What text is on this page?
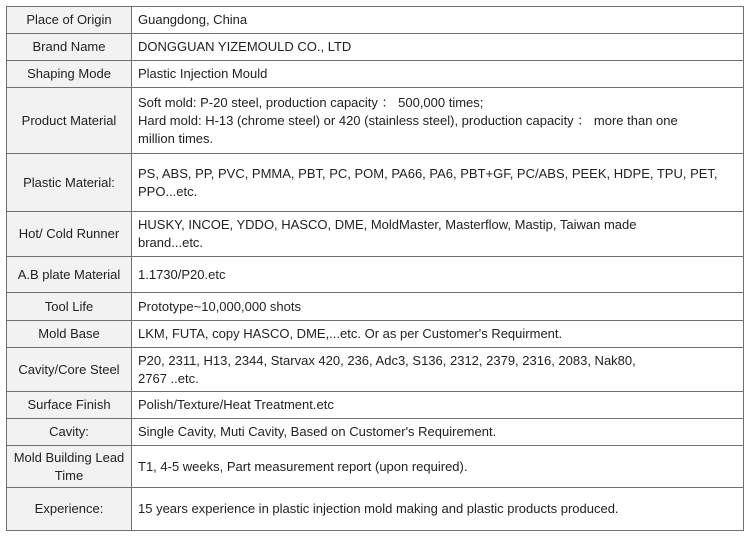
Place of Origin	Guangdong, China

Brand Name	DONGGUAN YIZEMOULD CO., LTD

Shaping Mode	Plastic Injection Mould

Product Material	Soft mold: P-20 steel, production capacity ： 500,000 times;
Hard mold: H-13 (chrome steel) or 420 (stainless steel), production capacity ： more than one
million times.

Plastic Material:	PS, ABS, PP, PVC, PMMA, PBT, PC, POM, PA66, PA6, PBT+GF, PC/ABS, PEEK, HDPE, TPU, PET,
PPO...etc.

Hot/ Cold Runner	HUSKY, INCOE, YDDO, HASCO, DME, MoldMaster, Masterflow, Mastip, Taiwan made
brand...etc.

A.B plate Material	1.1730/P20.etc

Tool Life	Prototype~10,000,000 shots

Mold Base	LKM, FUTA, copy HASCO, DME,...etc. Or as per Customer's Requirment.

Cavity/Core Steel	P20, 2311, H13, 2344, Starvax 420, 236, Adc3, S136, 2312, 2379, 2316, 2083, Nak80,
2767 ..etc.

Surface Finish	Polish/Texture/Heat Treatment.etc

Cavity:	Single Cavity, Muti Cavity, Based on Customer's Requirement.

Mold Building Lead Time	T1, 4-5 weeks, Part measurement report (upon required).

Experience:	15 years experience in plastic injection mold making and plastic products produced.
